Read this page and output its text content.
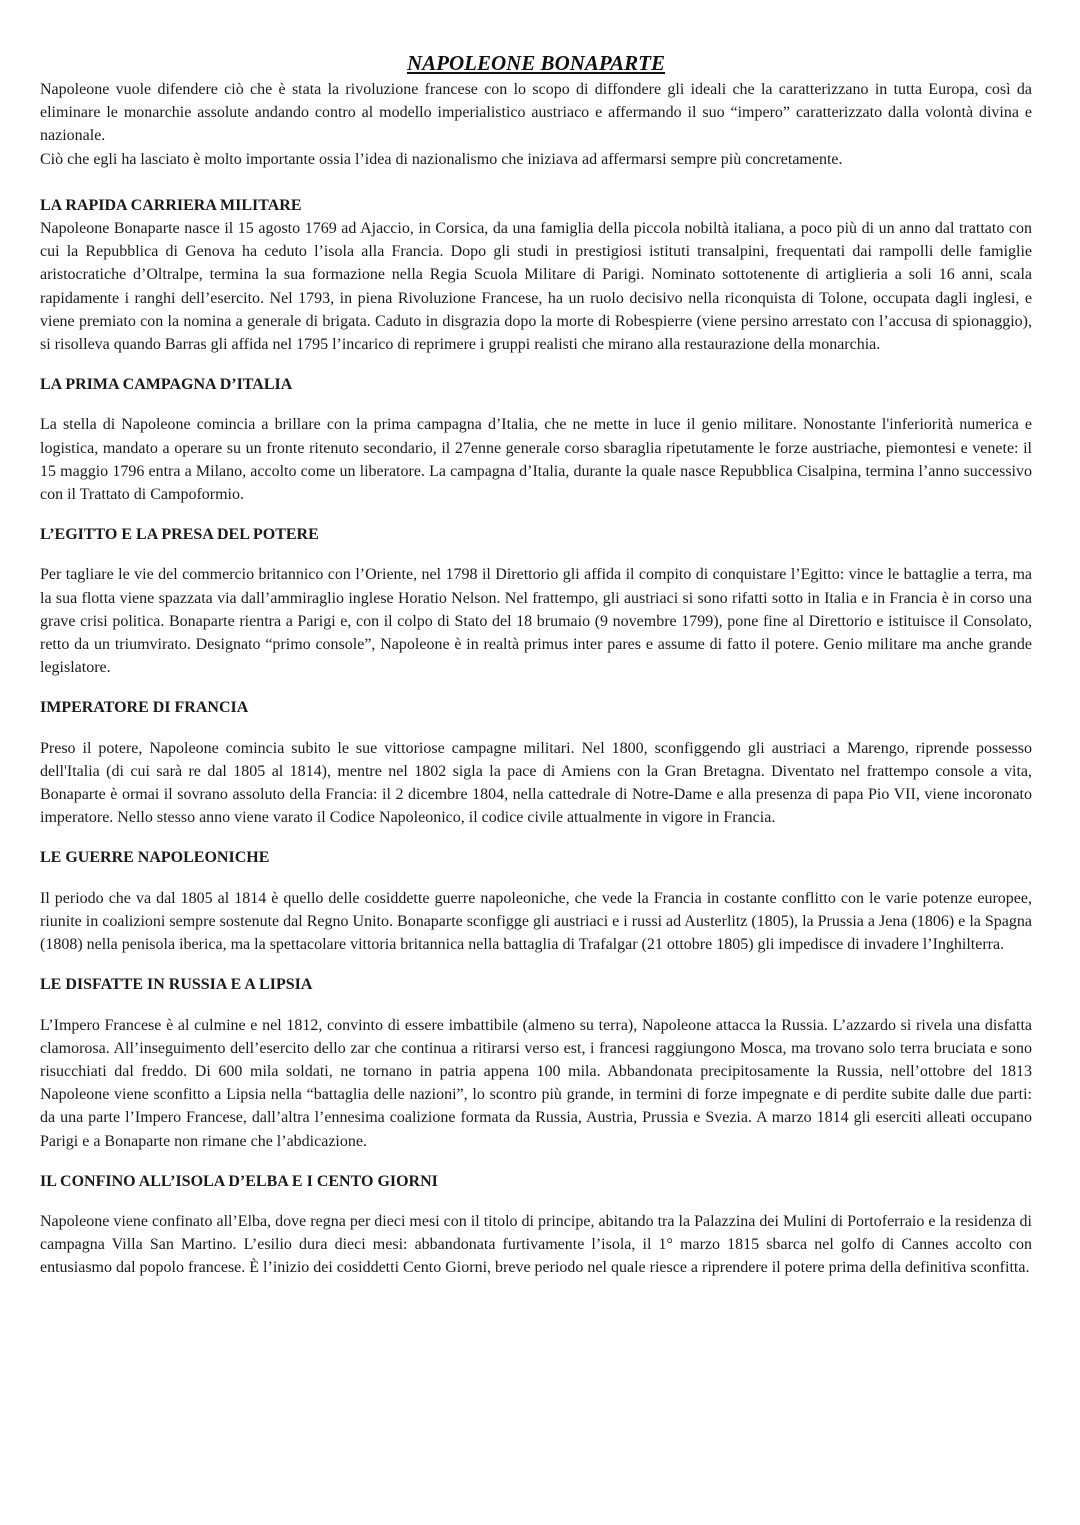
NAPOLEONE BONAPARTE

Napoleone vuole difendere ciò che è stata la rivoluzione francese con lo scopo di diffondere gli ideali che la caratterizzano in tutta Europa, così da eliminare le monarchie assolute andando contro al modello imperialistico austriaco e affermando il suo “impero” caratterizzato dalla volontà divina e nazionale.

Ciò che egli ha lasciato è molto importante ossia l’idea di nazionalismo che iniziava ad affermarsi sempre più concretamente.

LA RAPIDA CARRIERA MILITARE

Napoleone Bonaparte nasce il 15 agosto 1769 ad Ajaccio, in Corsica, da una famiglia della piccola nobiltà italiana, a poco più di un anno dal trattato con cui la Repubblica di Genova ha ceduto l’isola alla Francia. Dopo gli studi in prestigiosi istituti transalpini, frequentati dai rampolli delle famiglie aristocratiche d’Oltralpe, termina la sua formazione nella Regia Scuola Militare di Parigi. Nominato sottotenente di artiglieria a soli 16 anni, scala rapidamente i ranghi dell’esercito. Nel 1793, in piena Rivoluzione Francese, ha un ruolo decisivo nella riconquista di Tolone, occupata dagli inglesi, e viene premiato con la nomina a generale di brigata. Caduto in disgrazia dopo la morte di Robespierre (viene persino arrestato con l’accusa di spionaggio), si risolleva quando Barras gli affida nel 1795 l’incarico di reprimere i gruppi realisti che mirano alla restaurazione della monarchia.

LA PRIMA CAMPAGNA D’ITALIA

La stella di Napoleone comincia a brillare con la prima campagna d’Italia, che ne mette in luce il genio militare. Nonostante l'inferiorità numerica e logistica, mandato a operare su un fronte ritenuto secondario, il 27enne generale corso sbaraglia ripetutamente le forze austriache, piemontesi e venete: il 15 maggio 1796 entra a Milano, accolto come un liberatore. La campagna d’Italia, durante la quale nasce Repubblica Cisalpina, termina l’anno successivo con il Trattato di Campoformio.

L’EGITTO E LA PRESA DEL POTERE

Per tagliare le vie del commercio britannico con l’Oriente, nel 1798 il Direttorio gli affida il compito di conquistare l’Egitto: vince le battaglie a terra, ma la sua flotta viene spazzata via dall’ammiraglio inglese Horatio Nelson. Nel frattempo, gli austriaci si sono rifatti sotto in Italia e in Francia è in corso una grave crisi politica. Bonaparte rientra a Parigi e, con il colpo di Stato del 18 brumaio (9 novembre 1799), pone fine al Direttorio e istituisce il Consolato, retto da un triumvirato. Designato “primo console”, Napoleone è in realtà primus inter pares e assume di fatto il potere. Genio militare ma anche grande legislatore.

IMPERATORE DI FRANCIA

Preso il potere, Napoleone comincia subito le sue vittoriose campagne militari. Nel 1800, sconfiggendo gli austriaci a Marengo, riprende possesso dell'Italia (di cui sarà re dal 1805 al 1814), mentre nel 1802 sigla la pace di Amiens con la Gran Bretagna. Diventato nel frattempo console a vita, Bonaparte è ormai il sovrano assoluto della Francia: il 2 dicembre 1804, nella cattedrale di Notre-Dame e alla presenza di papa Pio VII, viene incoronato imperatore. Nello stesso anno viene varato il Codice Napoleonico, il codice civile attualmente in vigore in Francia.

LE GUERRE NAPOLEONICHE

Il periodo che va dal 1805 al 1814 è quello delle cosiddette guerre napoleoniche, che vede la Francia in costante conflitto con le varie potenze europee, riunite in coalizioni sempre sostenute dal Regno Unito. Bonaparte sconfigge gli austriaci e i russi ad Austerlitz (1805), la Prussia a Jena (1806) e la Spagna (1808) nella penisola iberica, ma la spettacolare vittoria britannica nella battaglia di Trafalgar (21 ottobre 1805) gli impedisce di invadere l’Inghilterra.

LE DISFATTE IN RUSSIA E A LIPSIA

L’Impero Francese è al culmine e nel 1812, convinto di essere imbattibile (almeno su terra), Napoleone attacca la Russia. L’azzardo si rivela una disfatta clamorosa. All’inseguimento dell’esercito dello zar che continua a ritirarsi verso est, i francesi raggiungono Mosca, ma trovano solo terra bruciata e sono risucchiati dal freddo. Di 600 mila soldati, ne tornano in patria appena 100 mila. Abbandonata precipitosamente la Russia, nell’ottobre del 1813 Napoleone viene sconfitto a Lipsia nella “battaglia delle nazioni”, lo scontro più grande, in termini di forze impegnate e di perdite subite dalle due parti: da una parte l’Impero Francese, dall’altra l’ennesima coalizione formata da Russia, Austria, Prussia e Svezia. A marzo 1814 gli eserciti alleati occupano Parigi e a Bonaparte non rimane che l’abdicazione.

IL CONFINO ALL’ISOLA D’ELBA E I CENTO GIORNI

Napoleone viene confinato all’Elba, dove regna per dieci mesi con il titolo di principe, abitando tra la Palazzina dei Mulini di Portoferraio e la residenza di campagna Villa San Martino. L’esilio dura dieci mesi: abbandonata furtivamente l’isola, il 1° marzo 1815 sbarca nel golfo di Cannes accolto con entusiasmo dal popolo francese. È l’inizio dei cosiddetti Cento Giorni, breve periodo nel quale riesce a riprendere il potere prima della definitiva sconfitta.
